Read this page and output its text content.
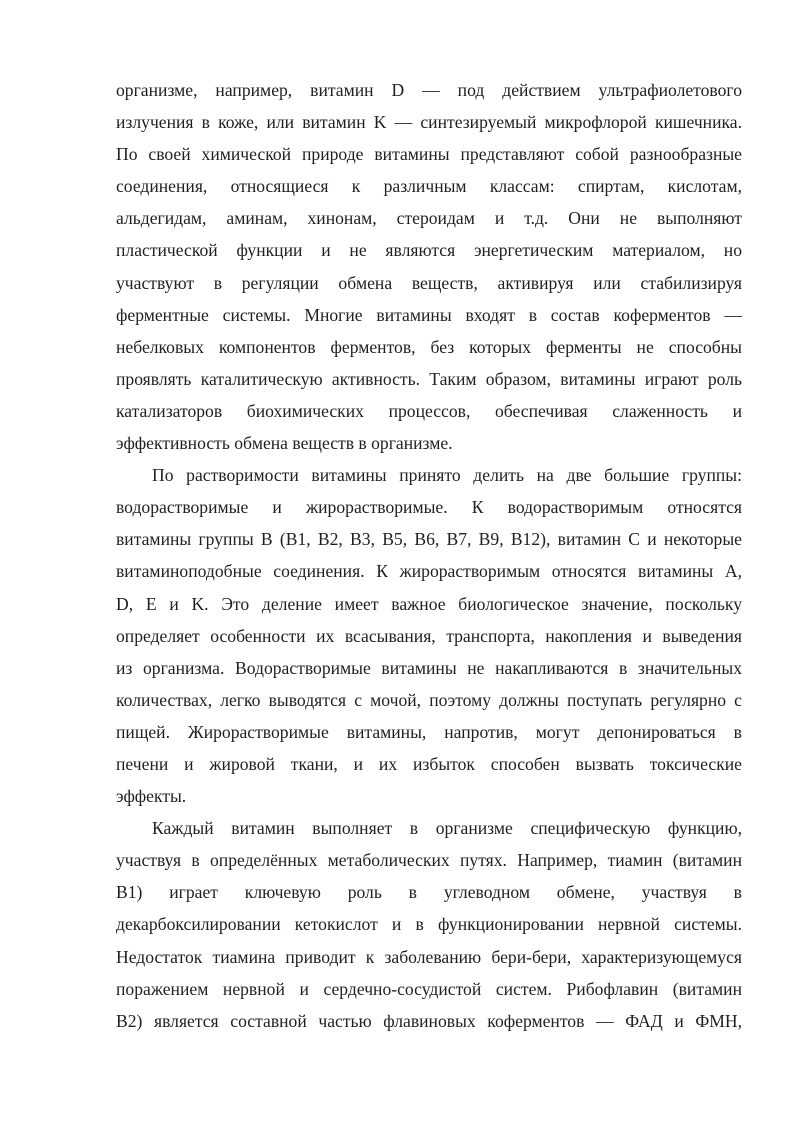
организме, например, витамин D — под действием ультрафиолетового

излучения в коже, или витамин K — синтезируемый микрофлорой кишечника.

По своей химической природе витамины представляют собой разнообразные

соединения, относящиеся к различным классам: спиртам, кислотам,

альдегидам, аминам, хинонам, стероидам и т.д. Они не выполняют

пластической функции и не являются энергетическим материалом, но

участвуют в регуляции обмена веществ, активируя или стабилизируя

ферментные системы. Многие витамины входят в состав коферментов —

небелковых компонентов ферментов, без которых ферменты не способны

проявлять каталитическую активность. Таким образом, витамины играют роль

катализаторов биохимических процессов, обеспечивая слаженность и

эффективность обмена веществ в организме.

По растворимости витамины принято делить на две большие группы:

водорастворимые и жирорастворимые. К водорастворимым относятся

витамины группы B (B1, B2, B3, B5, B6, B7, B9, B12), витамин C и некоторые

витаминоподобные соединения. К жирорастворимым относятся витамины A,

D, E и K. Это деление имеет важное биологическое значение, поскольку

определяет особенности их всасывания, транспорта, накопления и выведения

из организма. Водорастворимые витамины не накапливаются в значительных

количествах, легко выводятся с мочой, поэтому должны поступать регулярно с

пищей. Жирорастворимые витамины, напротив, могут депонироваться в

печени и жировой ткани, и их избыток способен вызвать токсические

эффекты.

Каждый витамин выполняет в организме специфическую функцию,

участвуя в определённых метаболических путях. Например, тиамин (витамин

B1) играет ключевую роль в углеводном обмене, участвуя в

декарбоксилировании кетокислот и в функционировании нервной системы.

Недостаток тиамина приводит к заболеванию бери-бери, характеризующемуся

поражением нервной и сердечно-сосудистой систем. Рибофлавин (витамин

B2) является составной частью флавиновых коферментов — ФАД и ФМН,
